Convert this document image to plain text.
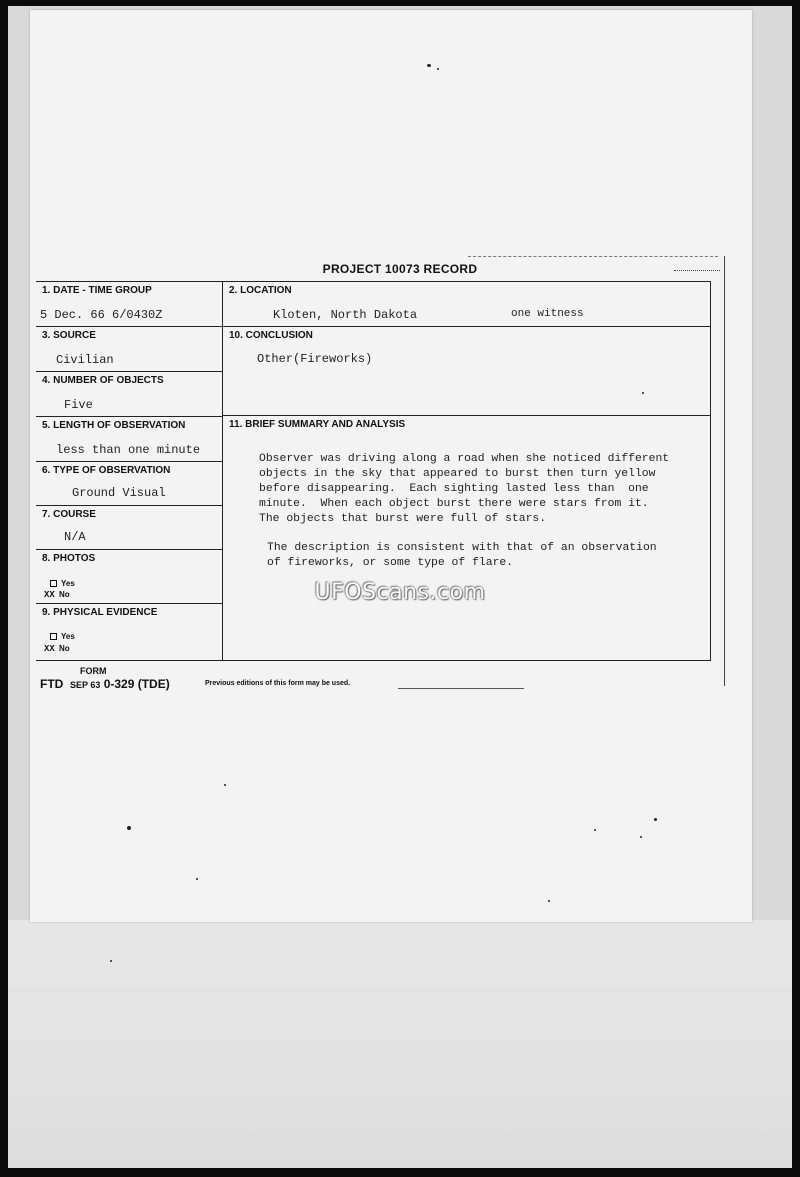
PROJECT 10073 RECORD
1. DATE - TIME GROUP
5 Dec. 66 6/0430Z
3. SOURCE
Civilian
4. NUMBER OF OBJECTS
Five
5. LENGTH OF OBSERVATION
less than one minute
6. TYPE OF OBSERVATION
Ground Visual
7. COURSE
N/A
8. PHOTOS
Yes
XX No
9. PHYSICAL EVIDENCE
Yes
XX No
2. LOCATION
Kloten, North Dakota	one witness
10. CONCLUSION
Other(Fireworks)
11. BRIEF SUMMARY AND ANALYSIS
Observer was driving along a road when she noticed different
objects in the sky that appeared to burst then turn yellow
before disappearing.  Each sighting lasted less than  one
minute.  When each object burst there were stars from it.
The objects that burst were full of stars.
The description is consistent with that of an observation
of fireworks, or some type of flare.
FORM
FTD SEP 63 0-329 (TDE)	Previous editions of this form may be used.
UFOScans.com
